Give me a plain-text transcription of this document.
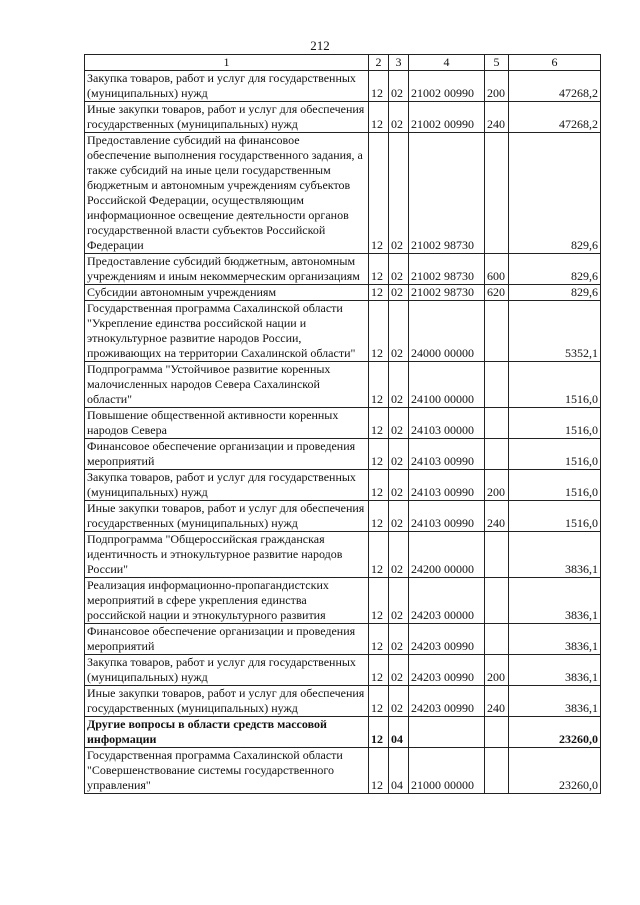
212
1	2	3	4	5	6
Закупка товаров, работ и услуг для государственных (муниципальных) нужд	12	02	21002 00990	200	47268,2
Иные закупки товаров, работ и услуг для обеспечения государственных (муниципальных) нужд	12	02	21002 00990	240	47268,2
Предоставление субсидий на финансовое обеспечение выполнения государственного задания, а также субсидий на иные цели государственным бюджетным и автономным учреждениям субъектов Российской Федерации, осуществляющим информационное освещение деятельности органов государственной власти субъектов Российской Федерации	12	02	21002 98730		829,6
Предоставление субсидий бюджетным, автономным учреждениям и иным некоммерческим организациям	12	02	21002 98730	600	829,6
Субсидии автономным учреждениям	12	02	21002 98730	620	829,6
Государственная программа Сахалинской области "Укрепление единства российской нации и этнокультурное развитие народов России, проживающих на территории Сахалинской области"	12	02	24000 00000		5352,1
Подпрограмма "Устойчивое развитие коренных малочисленных народов Севера Сахалинской области"	12	02	24100 00000		1516,0
Повышение общественной активности коренных народов Севера	12	02	24103 00000		1516,0
Финансовое обеспечение организации и проведения мероприятий	12	02	24103 00990		1516,0
Закупка товаров, работ и услуг для государственных (муниципальных) нужд	12	02	24103 00990	200	1516,0
Иные закупки товаров, работ и услуг для обеспечения государственных (муниципальных) нужд	12	02	24103 00990	240	1516,0
Подпрограмма "Общероссийская гражданская идентичность и этнокультурное развитие народов России"	12	02	24200 00000		3836,1
Реализация информационно-пропагандистских мероприятий в сфере укрепления единства российской нации и этнокультурного развития	12	02	24203 00000		3836,1
Финансовое обеспечение организации и проведения мероприятий	12	02	24203 00990		3836,1
Закупка товаров, работ и услуг для государственных (муниципальных) нужд	12	02	24203 00990	200	3836,1
Иные закупки товаров, работ и услуг для обеспечения государственных (муниципальных) нужд	12	02	24203 00990	240	3836,1
Другие вопросы в области средств массовой информации	12	04			23260,0
Государственная программа Сахалинской области "Совершенствование системы государственного управления"	12	04	21000 00000		23260,0
